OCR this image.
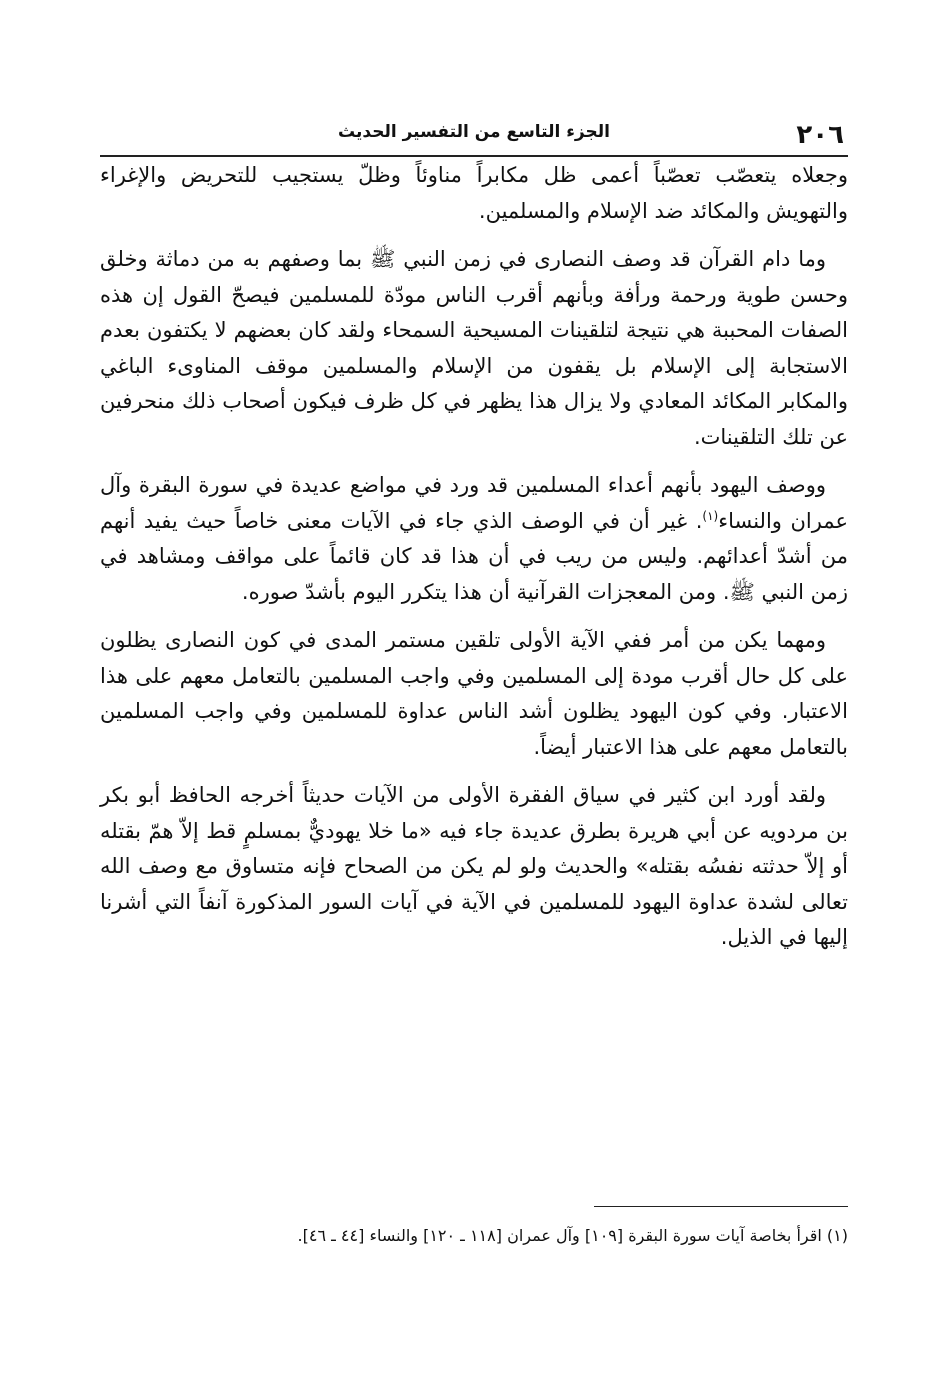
٢٠٦
الجزء التاسع من التفسير الحديث

وجعلاه يتعصّب تعصّباً أعمى ظل مكابراً مناوئاً وظلّ يستجيب للتحريض والإغراء والتهويش والمكائد ضد الإسلام والمسلمين.

وما دام القرآن قد وصف النصارى في زمن النبي ﷺ بما وصفهم به من دماثة وخلق وحسن طوية ورحمة ورأفة وبأنهم أقرب الناس مودّة للمسلمين فيصحّ القول إن هذه الصفات المحببة هي نتيجة لتلقينات المسيحية السمحاء ولقد كان بعضهم لا يكتفون بعدم الاستجابة إلى الإسلام بل يقفون من الإسلام والمسلمين موقف المناوىء الباغي والمكابر المكائد المعادي ولا يزال هذا يظهر في كل ظرف فيكون أصحاب ذلك منحرفين عن تلك التلقينات.

ووصف اليهود بأنهم أعداء المسلمين قد ورد في مواضع عديدة في سورة البقرة وآل عمران والنساء$^{(١)}$. غير أن في الوصف الذي جاء في الآيات معنى خاصاً حيث يفيد أنهم من أشدّ أعدائهم. وليس من ريب في أن هذا قد كان قائماً على مواقف ومشاهد في زمن النبي ﷺ. ومن المعجزات القرآنية أن هذا يتكرر اليوم بأشدّ صوره.

ومهما يكن من أمر ففي الآية الأولى تلقين مستمر المدى في كون النصارى يظلون على كل حال أقرب مودة إلى المسلمين وفي واجب المسلمين بالتعامل معهم على هذا الاعتبار. وفي كون اليهود يظلون أشد الناس عداوة للمسلمين وفي واجب المسلمين بالتعامل معهم على هذا الاعتبار أيضاً.

ولقد أورد ابن كثير في سياق الفقرة الأولى من الآيات حديثاً أخرجه الحافظ أبو بكر بن مردويه عن أبي هريرة بطرق عديدة جاء فيه «ما خلا يهوديٌّ بمسلمٍ قط إلاّ همّ بقتله أو إلاّ حدثته نفسُه بقتله» والحديث ولو لم يكن من الصحاح فإنه متساوق مع وصف الله تعالى لشدة عداوة اليهود للمسلمين في الآية في آيات السور المذكورة آنفاً التي أشرنا إليها في الذيل.

(١) اقرأ بخاصة آيات سورة البقرة [١٠٩] وآل عمران [١١٨ ـ ١٢٠] والنساء [٤٤ ـ ٤٦].
